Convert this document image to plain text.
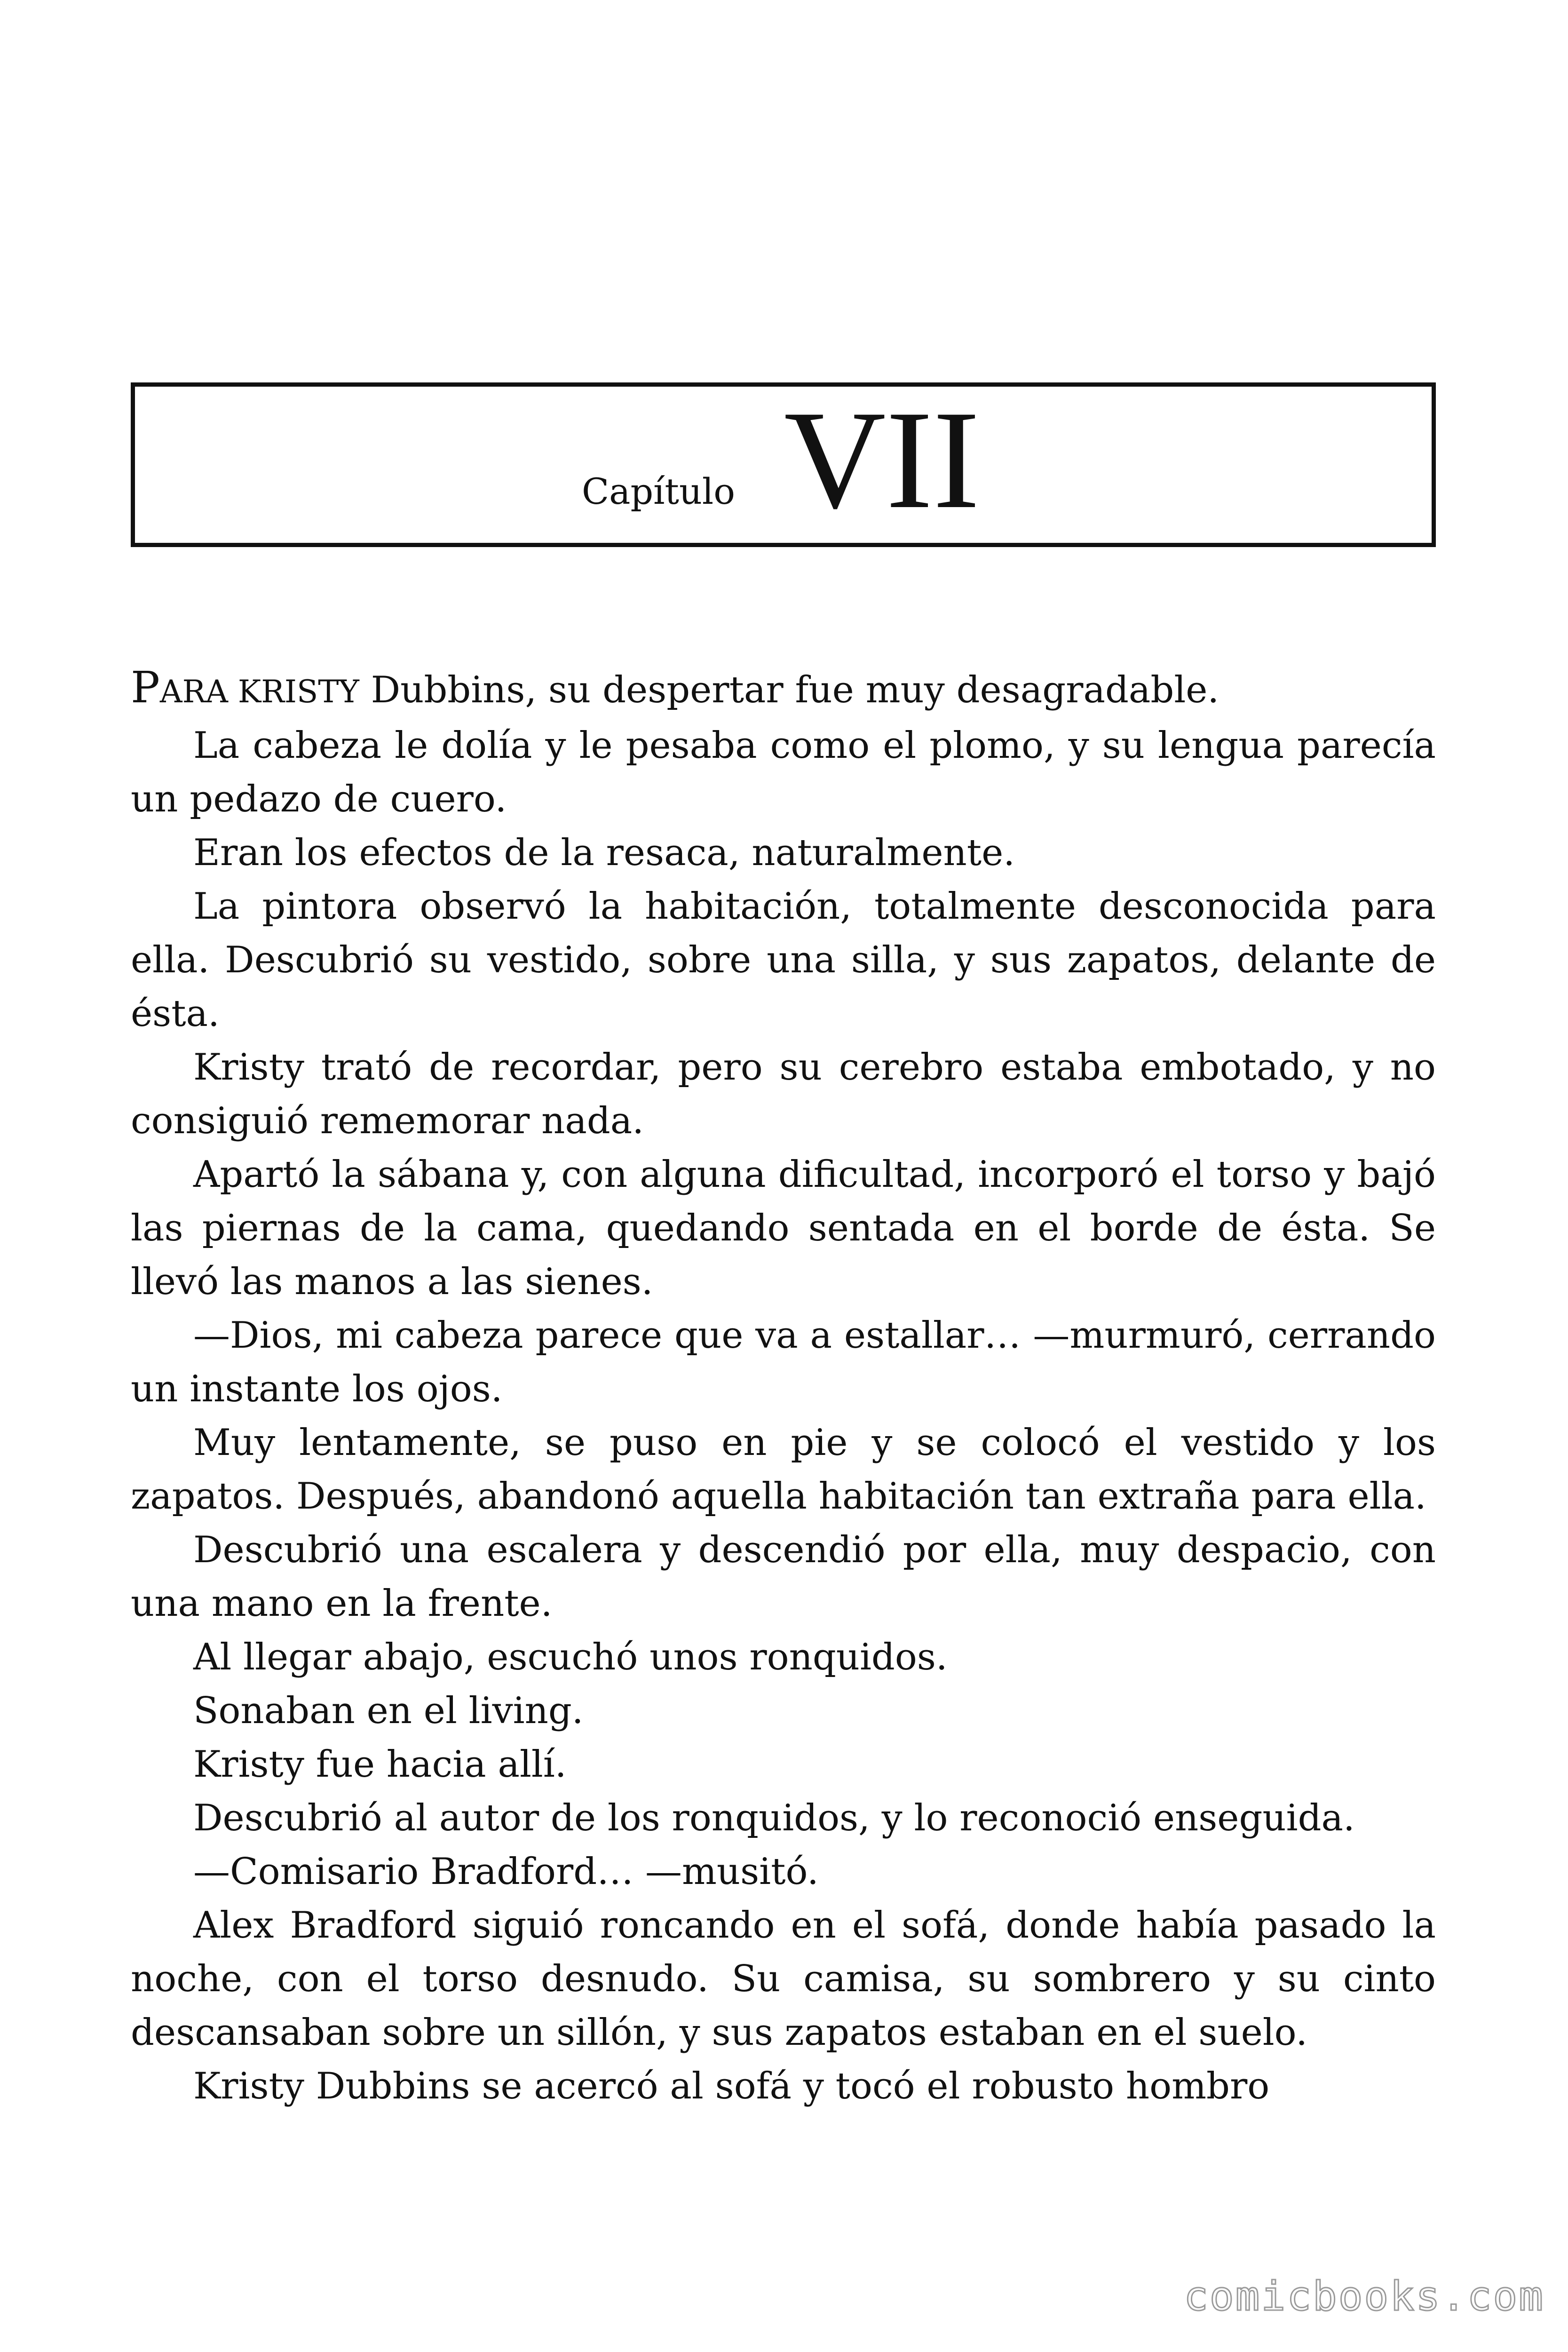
Capítulo VII

PARA KRISTY Dubbins, su despertar fue muy desagradable.

La cabeza le dolía y le pesaba como el plomo, y su lengua parecía un pedazo de cuero.

Eran los efectos de la resaca, naturalmente.

La pintora observó la habitación, totalmente desconocida para ella. Descubrió su vestido, sobre una silla, y sus zapatos, delante de ésta.

Kristy trató de recordar, pero su cerebro estaba embotado, y no consiguió rememorar nada.

Apartó la sábana y, con alguna dificultad, incorporó el torso y bajó las piernas de la cama, quedando sentada en el borde de ésta. Se llevó las manos a las sienes.

—Dios, mi cabeza parece que va a estallar… —murmuró, cerrando un instante los ojos.

Muy lentamente, se puso en pie y se colocó el vestido y los zapatos. Después, abandonó aquella habitación tan extraña para ella.

Descubrió una escalera y descendió por ella, muy despacio, con una mano en la frente.

Al llegar abajo, escuchó unos ronquidos.

Sonaban en el living.

Kristy fue hacia allí.

Descubrió al autor de los ronquidos, y lo reconoció enseguida.

—Comisario Bradford… —musitó.

Alex Bradford siguió roncando en el sofá, donde había pasado la noche, con el torso desnudo. Su camisa, su sombrero y su cinto descansaban sobre un sillón, y sus zapatos estaban en el suelo.

Kristy Dubbins se acercó al sofá y tocó el robusto hombro

comicbooks.com
